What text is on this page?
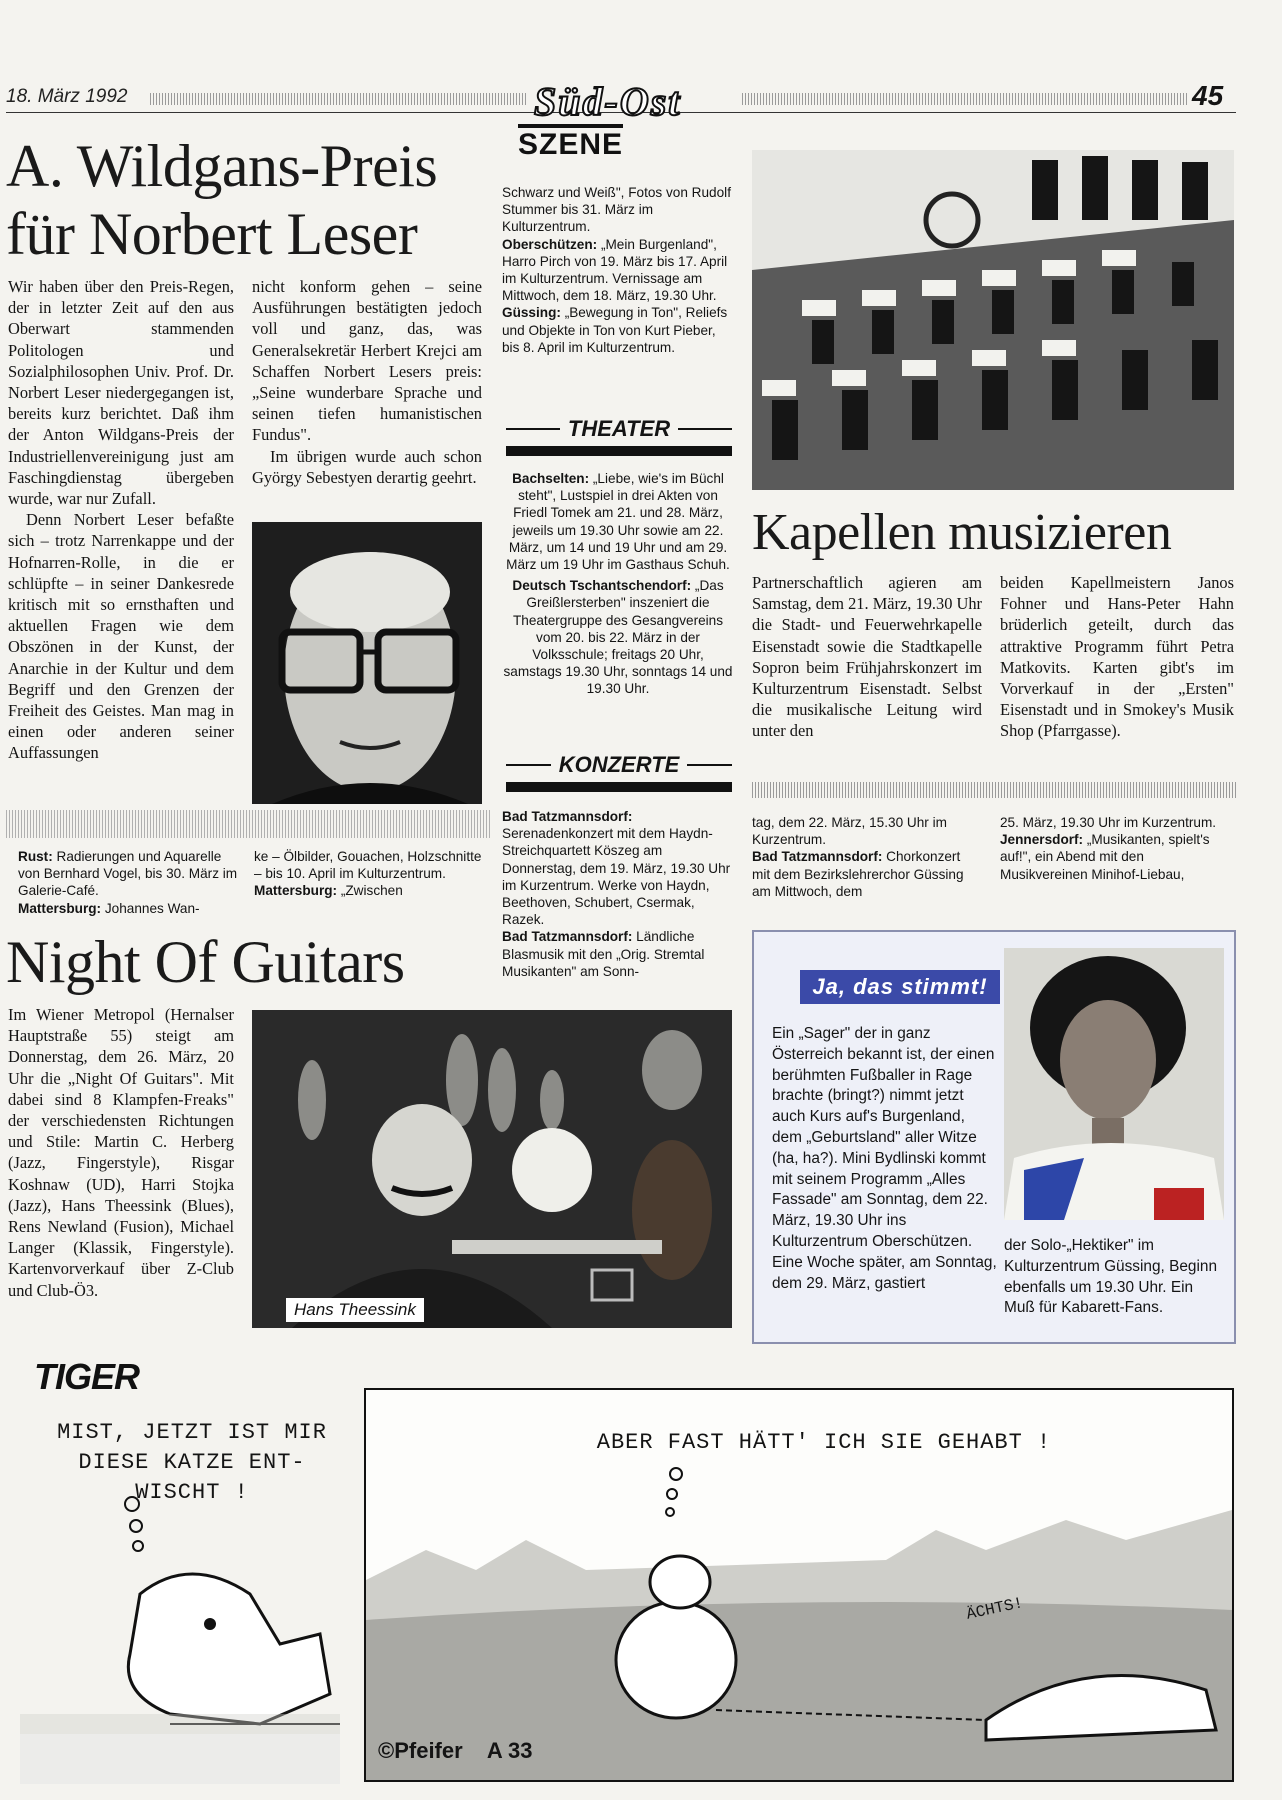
18. März 1992	Süd-Ost
SZENE
45
A. Wildgans-Preis
für Norbert Leser

Wir haben über den Preis-Regen, der in letzter Zeit auf den aus Oberwart stammenden Politologen und Sozialphilosophen Univ. Prof. Dr. Norbert Leser niedergegangen ist, bereits kurz berichtet. Daß ihm der Anton Wildgans-Preis der Industriellenvereinigung just am Faschingdienstag übergeben wurde, war nur Zufall.

Denn Norbert Leser befaßte sich – trotz Narrenkappe und der Hofnarren-Rolle, in die er schlüpfte – in seiner Dankesrede kritisch mit so ernsthaften und aktuellen Fragen wie dem Obszönen in der Kunst, der Anarchie in der Kultur und dem Begriff und den Grenzen der Freiheit des Geistes. Man mag in einen oder anderen seiner Auffassungen

nicht konform gehen – seine Ausführungen bestätigten jedoch voll und ganz, das, was Generalsekretär Herbert Krejci am Schaffen Norbert Lesers preis: „Seine wunderbare Sprache und seinen tiefen humanistischen Fundus".

Im übrigen wurde auch schon György Sebestyen derartig geehrt.

Rust: Radierungen und Aquarelle von Bernhard Vogel, bis 30. März im Galerie-Café.

Mattersburg: Johannes Wan-

ke – Ölbilder, Gouachen, Holzschnitte – bis 10. April im Kulturzentrum.

Mattersburg: „Zwischen

Schwarz und Weiß", Fotos von Rudolf Stummer bis 31. März im Kulturzentrum.

Oberschützen: „Mein Burgenland", Harro Pirch von 19. März bis 17. April im Kulturzentrum. Vernissage am Mittwoch, dem 18. März, 19.30 Uhr.

Güssing: „Bewegung in Ton", Reliefs und Objekte in Ton von Kurt Pieber, bis 8. April im Kulturzentrum.

THEATER

Bachselten: „Liebe, wie's im Büchl steht", Lustspiel in drei Akten von Friedl Tomek am 21. und 28. März, jeweils um 19.30 Uhr sowie am 22. März, um 14 und 19 Uhr und am 29. März um 19 Uhr im Gasthaus Schuh.

Deutsch Tschantschendorf: „Das Greißlersterben" inszeniert die Theatergruppe des Gesangvereins vom 20. bis 22. März in der Volksschule; freitags 20 Uhr, samstags 19.30 Uhr, sonntags 14 und 19.30 Uhr.

KONZERTE

Bad Tatzmannsdorf: Serenadenkonzert mit dem Haydn-Streichquartett Köszeg am Donnerstag, dem 19. März, 19.30 Uhr im Kurzentrum. Werke von Haydn, Beethoven, Schubert, Csermak, Razek.

Bad Tatzmannsdorf: Ländliche Blasmusik mit den „Orig. Stremtal Musikanten" am Sonn-

tag, dem 22. März, 15.30 Uhr im Kurzentrum.

Bad Tatzmannsdorf: Chorkonzert mit dem Bezirkslehrerchor Güssing am Mittwoch, dem

25. März, 19.30 Uhr im Kurzentrum.

Jennersdorf: „Musikanten, spielt's auf!", ein Abend mit den Musikvereinen Minihof-Liebau,

Kapellen musizieren

Partnerschaftlich agieren am Samstag, dem 21. März, 19.30 Uhr die Stadt- und Feuerwehrkapelle Eisenstadt sowie die Stadtkapelle Sopron beim Frühjahrskonzert im Kulturzentrum Eisenstadt. Selbst die musikalische Leitung wird unter den

beiden Kapellmeistern Janos Fohner und Hans-Peter Hahn brüderlich geteilt, durch das attraktive Programm führt Petra Matkovits. Karten gibt's im Vorverkauf in der „Ersten" Eisenstadt und in Smokey's Musik Shop (Pfarrgasse).

Night Of Guitars

Im Wiener Metropol (Hernalser Hauptstraße 55) steigt am Donnerstag, dem 26. März, 20 Uhr die „Night Of Guitars". Mit dabei sind 8 Klampfen-Freaks" der verschiedensten Richtungen und Stile: Martin C. Herberg (Jazz, Fingerstyle), Risgar Koshnaw (UD), Harri Stojka (Jazz), Hans Theessink (Blues), Rens Newland (Fusion), Michael Langer (Klassik, Fingerstyle). Kartenvorverkauf über Z-Club und Club-Ö3.

Hans Theessink
Ja, das stimmt!
Ein „Sager" der in ganz Österreich bekannt ist, der einen berühmten Fußballer in Rage brachte (bringt?) nimmt jetzt auch Kurs auf's Burgenland, dem „Geburtsland" aller Witze (ha, ha?). Mini Bydlinski kommt mit seinem Programm „Alles Fassade" am Sonntag, dem 22. März, 19.30 Uhr ins Kulturzentrum Oberschützen. Eine Woche später, am Sonntag, dem 29. März, gastiert
der Solo-„Hektiker" im Kulturzentrum Güssing, Beginn ebenfalls um 19.30 Uhr. Ein Muß für Kabarett-Fans.
TIGER
MIST, JETZT IST MIR
DIESE KATZE ENT-
WISCHT !
ABER FAST HÄTT' ICH SIE GEHABT !
ÄCHTS!
©Pfeifer A 33
